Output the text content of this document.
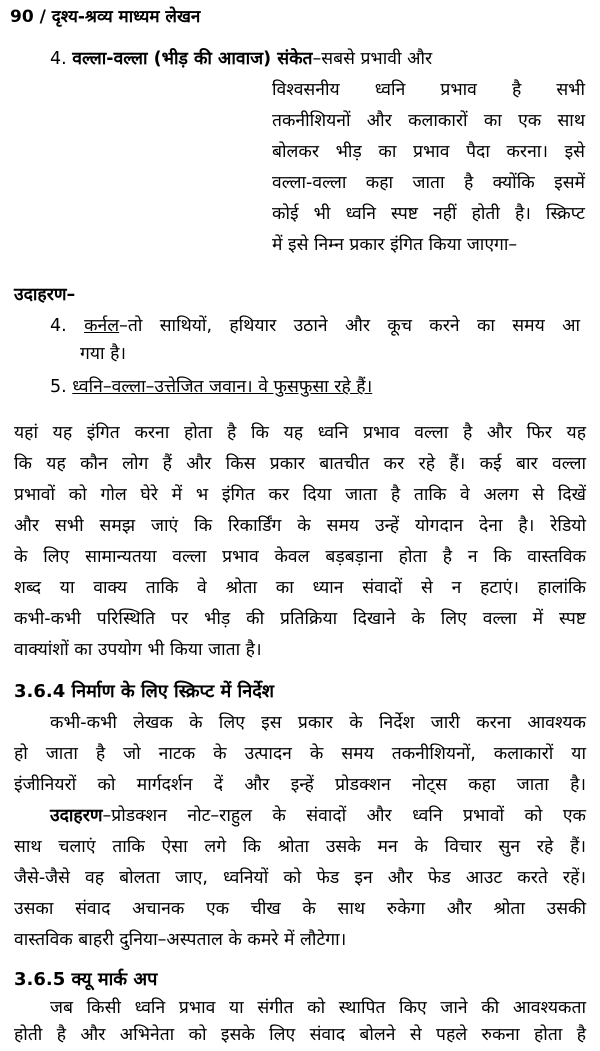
90 / दृश्य-श्रव्य माध्यम लेखन
4. वल्ला-वल्ला (भीड़ की आवाज) संकेत–सबसे प्रभावी और
विश्वसनीय ध्वनि प्रभाव है सभी
तकनीशियनों और कलाकारों का एक साथ
बोलकर भीड़ का प्रभाव पैदा करना। इसे
वल्ला-वल्ला कहा जाता है क्योंकि इसमें
कोई भी ध्वनि स्पष्ट नहीं होती है। स्क्रिप्ट
में इसे निम्न प्रकार इंगित किया जाएगा–
उदाहरण–
4. कर्नल–तो साथियों, हथियार उठाने और कूच करने का समय आ
गया है।
5. ध्वनि–वल्ला–उत्तेजित जवान। वे फुसफुसा रहे हैं।
यहां यह इंगित करना होता है कि यह ध्वनि प्रभाव वल्ला है और फिर यह
कि यह कौन लोग हैं और किस प्रकार बातचीत कर रहे हैं। कई बार वल्ला
प्रभावों को गोल घेरे में भ इंगित कर दिया जाता है ताकि वे अलग से दिखें
और सभी समझ जाएं कि रिकार्डिंग के समय उन्हें योगदान देना है। रेडियो
के लिए सामान्यतया वल्ला प्रभाव केवल बड़बड़ाना होता है न कि वास्तविक
शब्द या वाक्य ताकि वे श्रोता का ध्यान संवादों से न हटाएं। हालांकि
कभी-कभी परिस्थिति पर भीड़ की प्रतिक्रिया दिखाने के लिए वल्ला में स्पष्ट
वाक्यांशों का उपयोग भी किया जाता है।
3.6.4 निर्माण के लिए स्क्रिप्ट में निर्देश
कभी-कभी लेखक के लिए इस प्रकार के निर्देश जारी करना आवश्यक
हो जाता है जो नाटक के उत्पादन के समय तकनीशियनों, कलाकारों या
इंजीनियरों को मार्गदर्शन दें और इन्हें प्रोडक्शन नोट्स कहा जाता है।
उदाहरण–प्रोडक्शन नोट–राहुल के संवादों और ध्वनि प्रभावों को एक
साथ चलाएं ताकि ऐसा लगे कि श्रोता उसके मन के विचार सुन रहे हैं।
जैसे-जैसे वह बोलता जाए, ध्वनियों को फेड इन और फेड आउट करते रहें।
उसका संवाद अचानक एक चीख के साथ रुकेगा और श्रोता उसकी
वास्तविक बाहरी दुनिया–अस्पताल के कमरे में लौटेगा।
3.6.5 क्यू मार्क अप
जब किसी ध्वनि प्रभाव या संगीत को स्थापित किए जाने की आवश्यकता
होती है और अभिनेता को इसके लिए संवाद बोलने से पहले रुकना होता है
